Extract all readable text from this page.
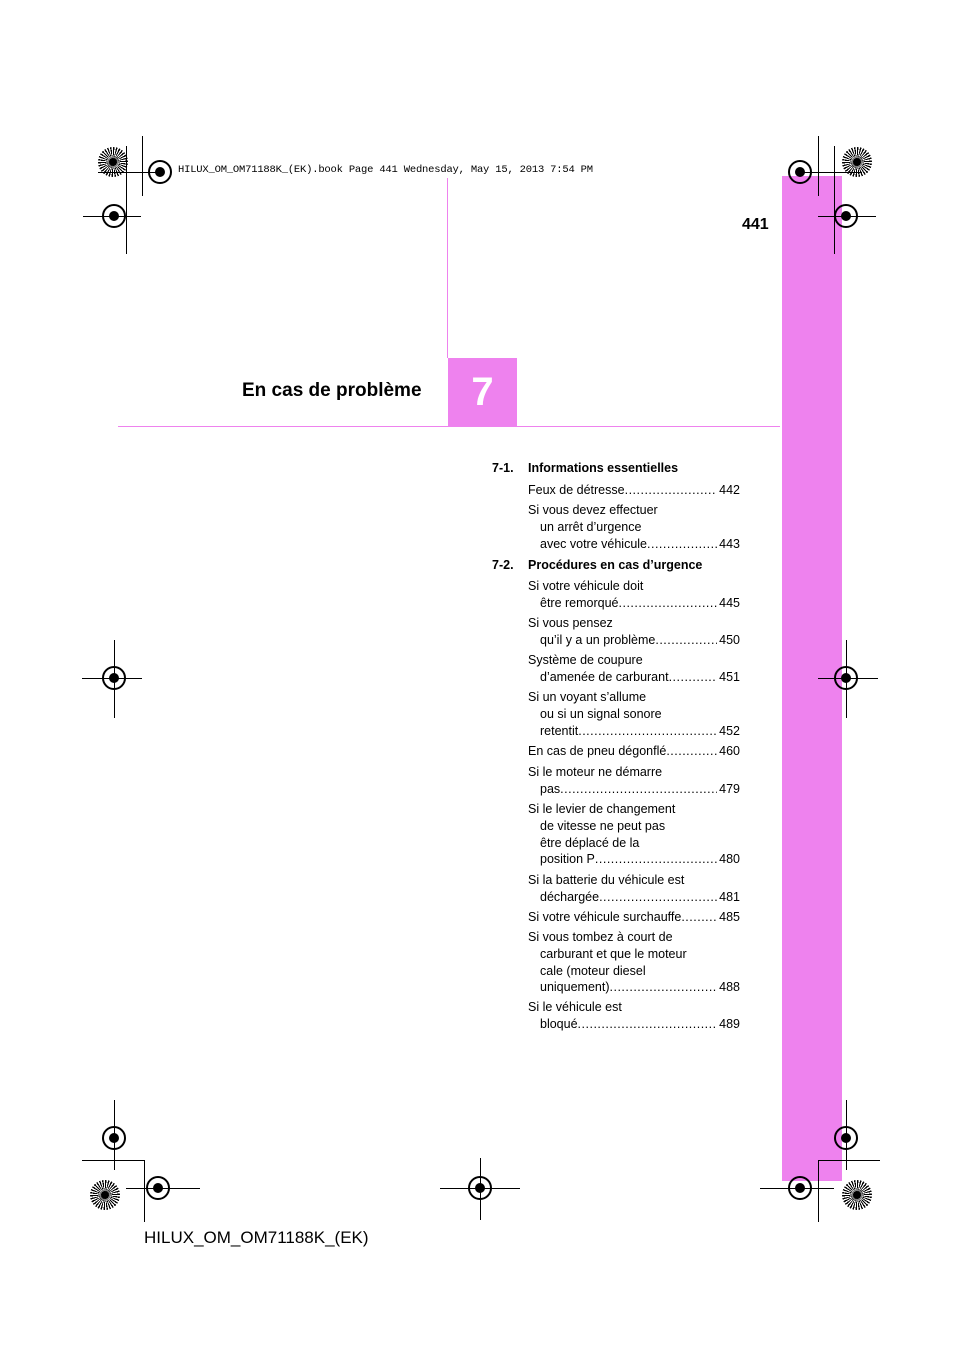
HILUX_OM_OM71188K_(EK).book Page 441 Wednesday, May 15, 2013 7:54 PM
441
7
En cas de problème
7-1. Informations essentielles
Feux de détresse .....	442
Si vous devez effectuer
un arrêt d’urgence
avec votre véhicule .....	443
7-2. Procédures en cas d’urgence
Si votre véhicule doit
être remorqué .....	445
Si vous pensez
qu’il y a un problème .....	450
Système de coupure
d’amenée de carburant .....	451
Si un voyant s’allume
ou si un signal sonore
retentit .....	452
En cas de pneu dégonflé .....	460
Si le moteur ne démarre
pas .....	479
Si le levier de changement
de vitesse ne peut pas
être déplacé de la
position P .....	480
Si la batterie du véhicule est
déchargée .....	481
Si votre véhicule surchauffe .....	485
Si vous tombez à court de
carburant et que le moteur
cale (moteur diesel
uniquement) .....	488
Si le véhicule est
bloqué .....	489
HILUX_OM_OM71188K_(EK)
